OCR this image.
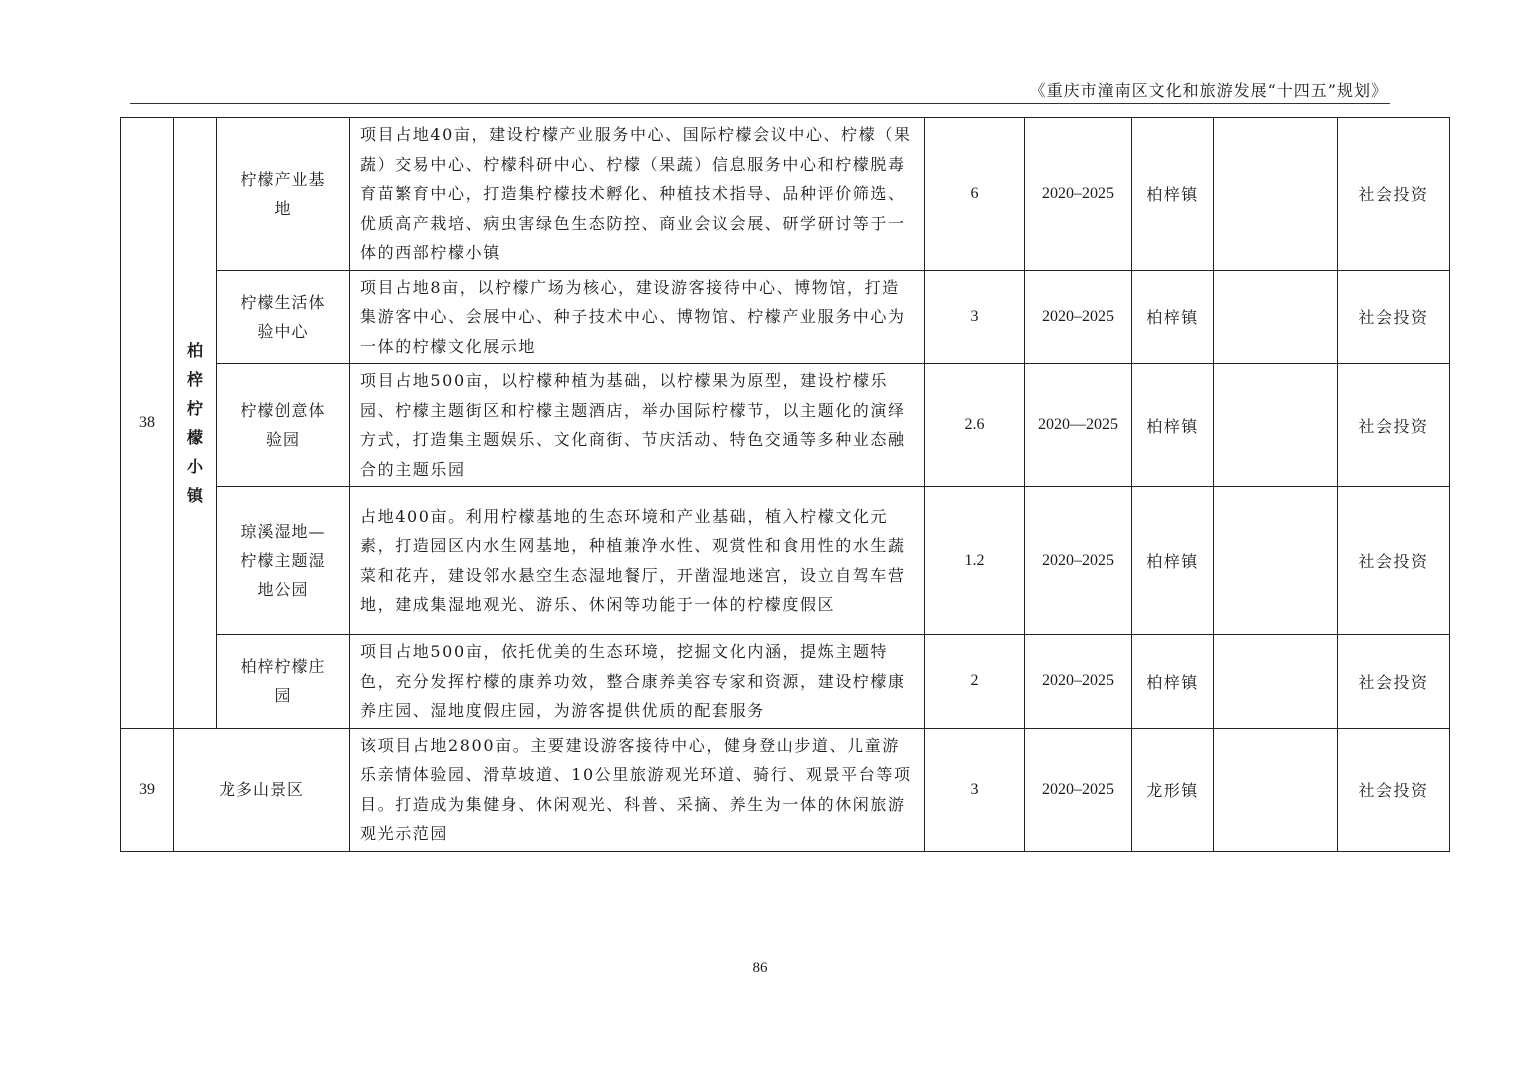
《重庆市潼南区文化和旅游发展“十四五”规划》
38	柏梓柠檬小镇	柠檬产业基地	项目占地40亩，建设柠檬产业服务中心、国际柠檬会议中心、柠檬（果蔬）交易中心、柠檬科研中心、柠檬（果蔬）信息服务中心和柠檬脱毒育苗繁育中心，打造集柠檬技术孵化、种植技术指导、品种评价筛选、优质高产栽培、病虫害绿色生态防控、商业会议会展、研学研讨等于一体的西部柠檬小镇	6	2020–2025	柏梓镇		社会投资
		柠檬生活体验中心	项目占地8亩，以柠檬广场为核心，建设游客接待中心、博物馆，打造集游客中心、会展中心、种子技术中心、博物馆、柠檬产业服务中心为一体的柠檬文化展示地	3	2020–2025	柏梓镇		社会投资
		柠檬创意体验园	项目占地500亩，以柠檬种植为基础，以柠檬果为原型，建设柠檬乐园、柠檬主题街区和柠檬主题酒店，举办国际柠檬节，以主题化的演绎方式，打造集主题娱乐、文化商街、节庆活动、特色交通等多种业态融合的主题乐园	2.6	2020—2025	柏梓镇		社会投资
		琼溪湿地—柠檬主题湿地公园	占地400亩。利用柠檬基地的生态环境和产业基础，植入柠檬文化元素，打造园区内水生网基地，种植兼净水性、观赏性和食用性的水生蔬菜和花卉，建设邻水悬空生态湿地餐厅，开凿湿地迷宫，设立自驾车营地，建成集湿地观光、游乐、休闲等功能于一体的柠檬度假区	1.2	2020–2025	柏梓镇		社会投资
		柏梓柠檬庄园	项目占地500亩，依托优美的生态环境，挖掘文化内涵，提炼主题特色，充分发挥柠檬的康养功效，整合康养美容专家和资源，建设柠檬康养庄园、湿地度假庄园，为游客提供优质的配套服务	2	2020–2025	柏梓镇		社会投资
39	龙多山景区		该项目占地2800亩。主要建设游客接待中心，健身登山步道、儿童游乐亲情体验园、滑草坡道、10公里旅游观光环道、骑行、观景平台等项目。打造成为集健身、休闲观光、科普、采摘、养生为一体的休闲旅游观光示范园	3	2020–2025	龙形镇		社会投资
86
